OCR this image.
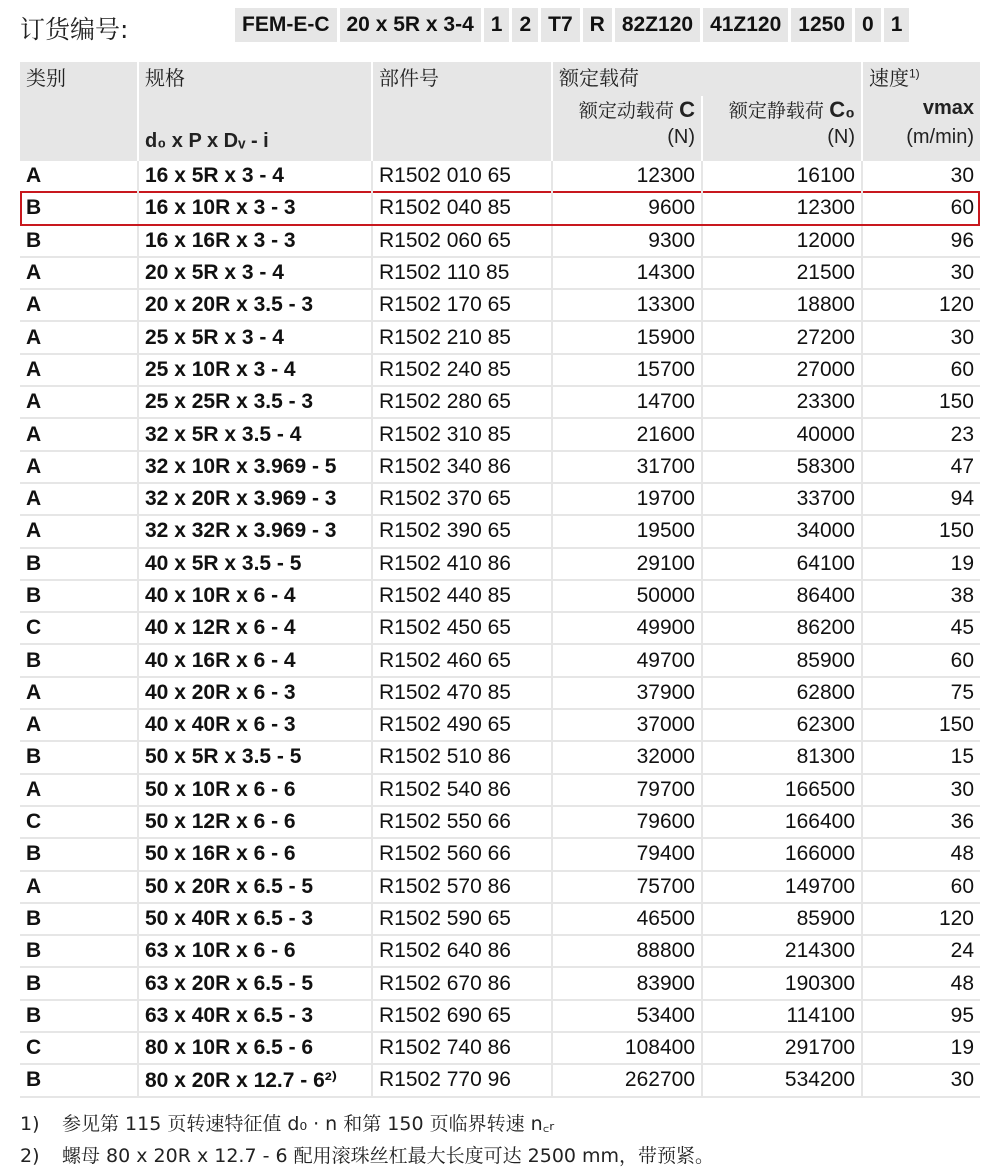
订货编号:	FEM-E-C 20 x 5R x 3-4 1 2 T7 R 82Z120 41Z120 1250 0 1
类别	规格	部件号	额定载荷		速度$^{1)}$
			额定动载荷 C	额定静载荷 C₀	vmax
	d₀ x P x Dᵥ - i		(N)	(N)	(m/min)
A	16 x 5R x 3 - 4	R1502 010 65	12300	16100	30
B	16 x 10R x 3 - 3	R1502 040 85	9600	12300	60
B	16 x 16R x 3 - 3	R1502 060 65	9300	12000	96
A	20 x 5R x 3 - 4	R1502 110 85	14300	21500	30
A	20 x 20R x 3.5 - 3	R1502 170 65	13300	18800	120
A	25 x 5R x 3 - 4	R1502 210 85	15900	27200	30
A	25 x 10R x 3 - 4	R1502 240 85	15700	27000	60
A	25 x 25R x 3.5 - 3	R1502 280 65	14700	23300	150
A	32 x 5R x 3.5 - 4	R1502 310 85	21600	40000	23
A	32 x 10R x 3.969 - 5	R1502 340 86	31700	58300	47
A	32 x 20R x 3.969 - 3	R1502 370 65	19700	33700	94
A	32 x 32R x 3.969 - 3	R1502 390 65	19500	34000	150
B	40 x 5R x 3.5 - 5	R1502 410 86	29100	64100	19
B	40 x 10R x 6 - 4	R1502 440 85	50000	86400	38
C	40 x 12R x 6 - 4	R1502 450 65	49900	86200	45
B	40 x 16R x 6 - 4	R1502 460 65	49700	85900	60
A	40 x 20R x 6 - 3	R1502 470 85	37900	62800	75
A	40 x 40R x 6 - 3	R1502 490 65	37000	62300	150
B	50 x 5R x 3.5 - 5	R1502 510 86	32000	81300	15
A	50 x 10R x 6 - 6	R1502 540 86	79700	166500	30
C	50 x 12R x 6 - 6	R1502 550 66	79600	166400	36
B	50 x 16R x 6 - 6	R1502 560 66	79400	166000	48
A	50 x 20R x 6.5 - 5	R1502 570 86	75700	149700	60
B	50 x 40R x 6.5 - 3	R1502 590 65	46500	85900	120
B	63 x 10R x 6 - 6	R1502 640 86	88800	214300	24
B	63 x 20R x 6.5 - 5	R1502 670 86	83900	190300	48
B	63 x 40R x 6.5 - 3	R1502 690 65	53400	114100	95
C	80 x 10R x 6.5 - 6	R1502 740 86	108400	291700	19
B	80 x 20R x 12.7 - 6²⁾	R1502 770 96	262700	534200	30
1)	参见第 115 页转速特征值 d₀ · n 和第 150 页临界转速 n꜀ᵣ
2)	螺母 80 x 20R x 12.7 - 6 配用滚珠丝杠最大长度可达 2500 mm，带预紧。
